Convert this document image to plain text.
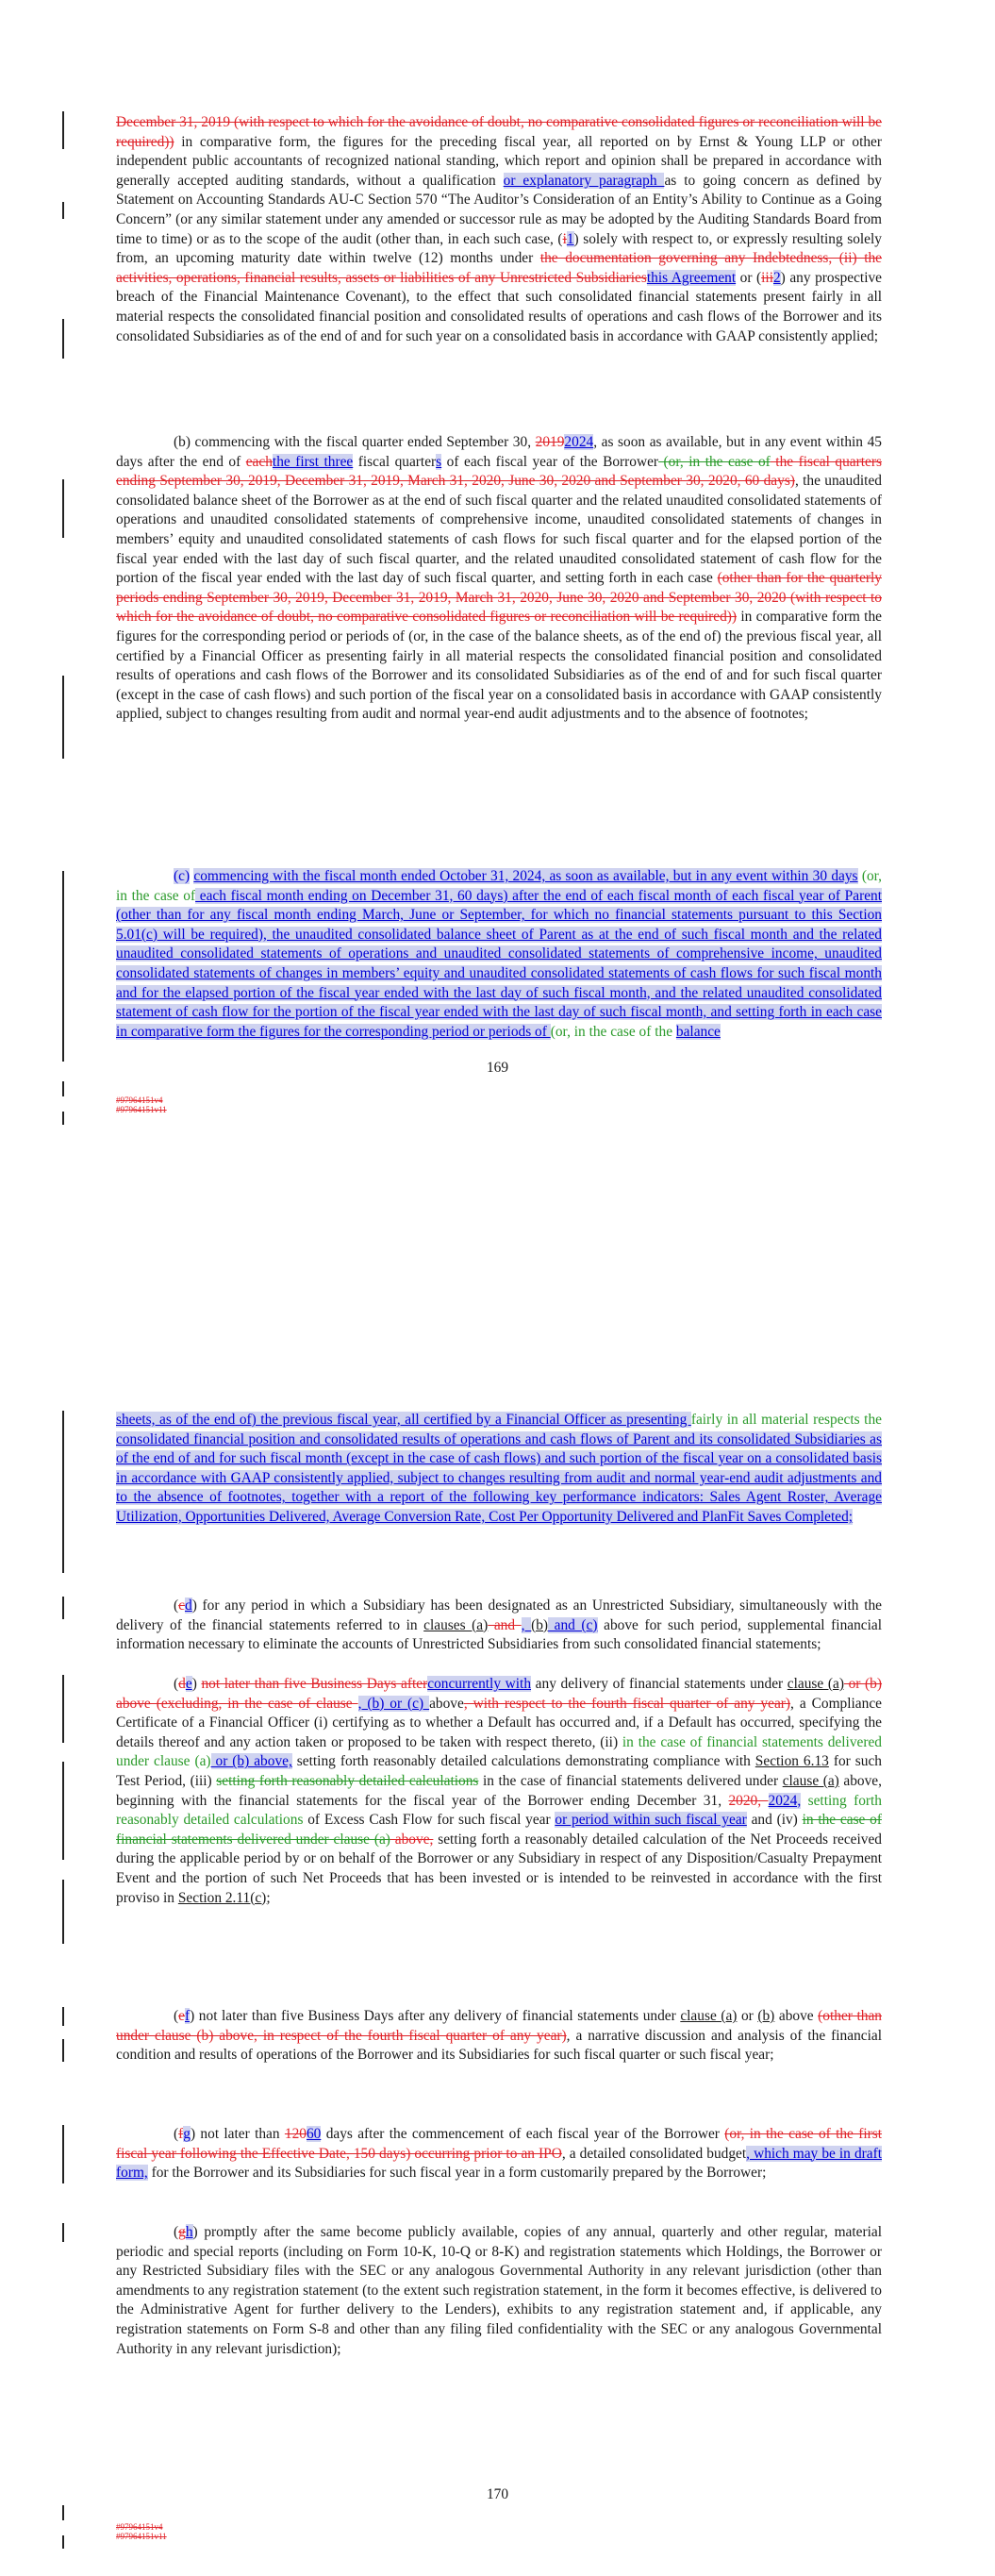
December 31, 2019 (with respect to which for the avoidance of doubt, no comparative consolidated figures or reconciliation will be required)) in comparative form, the figures for the preceding fiscal year, all reported on by Ernst & Young LLP or other independent public accountants of recognized national standing, which report and opinion shall be prepared in accordance with generally accepted auditing standards, without a qualification or explanatory paragraph as to going concern as defined by Statement on Accounting Standards AU-C Section 570 “The Auditor’s Consideration of an Entity’s Ability to Continue as a Going Concern” (or any similar statement under any amended or successor rule as may be adopted by the Auditing Standards Board from time to time) or as to the scope of the audit (other than, in each such case, (i1) solely with respect to, or expressly resulting solely from, an upcoming maturity date within twelve (12) months under the documentation governing any Indebtedness, (ii) the activities, operations, financial results, assets or liabilities of any Unrestricted Subsidiariesthis Agreement or (iii2) any prospective breach of the Financial Maintenance Covenant), to the effect that such consolidated financial statements present fairly in all material respects the consolidated financial position and consolidated results of operations and cash flows of the Borrower and its consolidated Subsidiaries as of the end of and for such year on a consolidated basis in accordance with GAAP consistently applied;

(b) commencing with the fiscal quarter ended September 30, 20192024, as soon as available, but in any event within 45 days after the end of eachthe first three fiscal quarters of each fiscal year of the Borrower (or, in the case of the fiscal quarters ending September 30, 2019, December 31, 2019, March 31, 2020, June 30, 2020 and September 30, 2020, 60 days), the unaudited consolidated balance sheet of the Borrower as at the end of such fiscal quarter and the related unaudited consolidated statements of operations and unaudited consolidated statements of comprehensive income, unaudited consolidated statements of changes in members’ equity and unaudited consolidated statements of cash flows for such fiscal quarter and for the elapsed portion of the fiscal year ended with the last day of such fiscal quarter, and the related unaudited consolidated statement of cash flow for the portion of the fiscal year ended with the last day of such fiscal quarter, and setting forth in each case (other than for the quarterly periods ending September 30, 2019, December 31, 2019, March 31, 2020, June 30, 2020 and September 30, 2020 (with respect to which for the avoidance of doubt, no comparative consolidated figures or reconciliation will be required)) in comparative form the figures for the corresponding period or periods of (or, in the case of the balance sheets, as of the end of) the previous fiscal year, all certified by a Financial Officer as presenting fairly in all material respects the consolidated financial position and consolidated results of operations and cash flows of the Borrower and its consolidated Subsidiaries as of the end of and for such fiscal quarter (except in the case of cash flows) and such portion of the fiscal year on a consolidated basis in accordance with GAAP consistently applied, subject to changes resulting from audit and normal year-end audit adjustments and to the absence of footnotes;

(c) commencing with the fiscal month ended October 31, 2024, as soon as available, but in any event within 30 days (or, in the case of each fiscal month ending on December 31, 60 days) after the end of each fiscal month of each fiscal year of Parent (other than for any fiscal month ending March, June or September, for which no financial statements pursuant to this Section 5.01(c) will be required), the unaudited consolidated balance sheet of Parent as at the end of such fiscal month and the related unaudited consolidated statements of operations and unaudited consolidated statements of comprehensive income, unaudited consolidated statements of changes in members’ equity and unaudited consolidated statements of cash flows for such fiscal month and for the elapsed portion of the fiscal year ended with the last day of such fiscal month, and the related unaudited consolidated statement of cash flow for the portion of the fiscal year ended with the last day of such fiscal month, and setting forth in each case in comparative form the figures for the corresponding period or periods of (or, in the case of the balance

169
#97964151v4
#97964151v11

sheets, as of the end of) the previous fiscal year, all certified by a Financial Officer as presenting fairly in all material respects the consolidated financial position and consolidated results of operations and cash flows of Parent and its consolidated Subsidiaries as of the end of and for such fiscal month (except in the case of cash flows) and such portion of the fiscal year on a consolidated basis in accordance with GAAP consistently applied, subject to changes resulting from audit and normal year-end audit adjustments and to the absence of footnotes, together with a report of the following key performance indicators: Sales Agent Roster, Average Utilization, Opportunities Delivered, Average Conversion Rate, Cost Per Opportunity Delivered and PlanFit Saves Completed;

(cd) for any period in which a Subsidiary has been designated as an Unrestricted Subsidiary, simultaneously with the delivery of the financial statements referred to in clauses (a) and , (b) and (c) above for such period, supplemental financial information necessary to eliminate the accounts of Unrestricted Subsidiaries from such consolidated financial statements;

(de) not later than five Business Days afterconcurrently with any delivery of financial statements under clause (a) or (b) above (excluding, in the case of clause , (b) or (c) above, with respect to the fourth fiscal quarter of any year), a Compliance Certificate of a Financial Officer (i) certifying as to whether a Default has occurred and, if a Default has occurred, specifying the details thereof and any action taken or proposed to be taken with respect thereto, (ii) in the case of financial statements delivered under clause (a) or (b) above, setting forth reasonably detailed calculations demonstrating compliance with Section 6.13 for such Test Period, (iii) setting forth reasonably detailed calculations in the case of financial statements delivered under clause (a) above, beginning with the financial statements for the fiscal year of the Borrower ending December 31, 2020, 2024, setting forth reasonably detailed calculations of Excess Cash Flow for such fiscal year or period within such fiscal year and (iv) in the case of financial statements delivered under clause (a) above, setting forth a reasonably detailed calculation of the Net Proceeds received during the applicable period by or on behalf of the Borrower or any Subsidiary in respect of any Disposition/Casualty Prepayment Event and the portion of such Net Proceeds that has been invested or is intended to be reinvested in accordance with the first proviso in Section 2.11(c);

(ef) not later than five Business Days after any delivery of financial statements under clause (a) or (b) above (other than under clause (b) above, in respect of the fourth fiscal quarter of any year), a narrative discussion and analysis of the financial condition and results of operations of the Borrower and its Subsidiaries for such fiscal quarter or such fiscal year;

(fg) not later than 12060 days after the commencement of each fiscal year of the Borrower (or, in the case of the first fiscal year following the Effective Date, 150 days) occurring prior to an IPO, a detailed consolidated budget, which may be in draft form, for the Borrower and its Subsidiaries for such fiscal year in a form customarily prepared by the Borrower;

(gh) promptly after the same become publicly available, copies of any annual, quarterly and other regular, material periodic and special reports (including on Form 10-K, 10-Q or 8-K) and registration statements which Holdings, the Borrower or any Restricted Subsidiary files with the SEC or any analogous Governmental Authority in any relevant jurisdiction (other than amendments to any registration statement (to the extent such registration statement, in the form it becomes effective, is delivered to the Administrative Agent for further delivery to the Lenders), exhibits to any registration statement and, if applicable, any registration statements on Form S-8 and other than any filing filed confidentiality with the SEC or any analogous Governmental Authority in any relevant jurisdiction);

170
#97964151v4
#97964151v11
